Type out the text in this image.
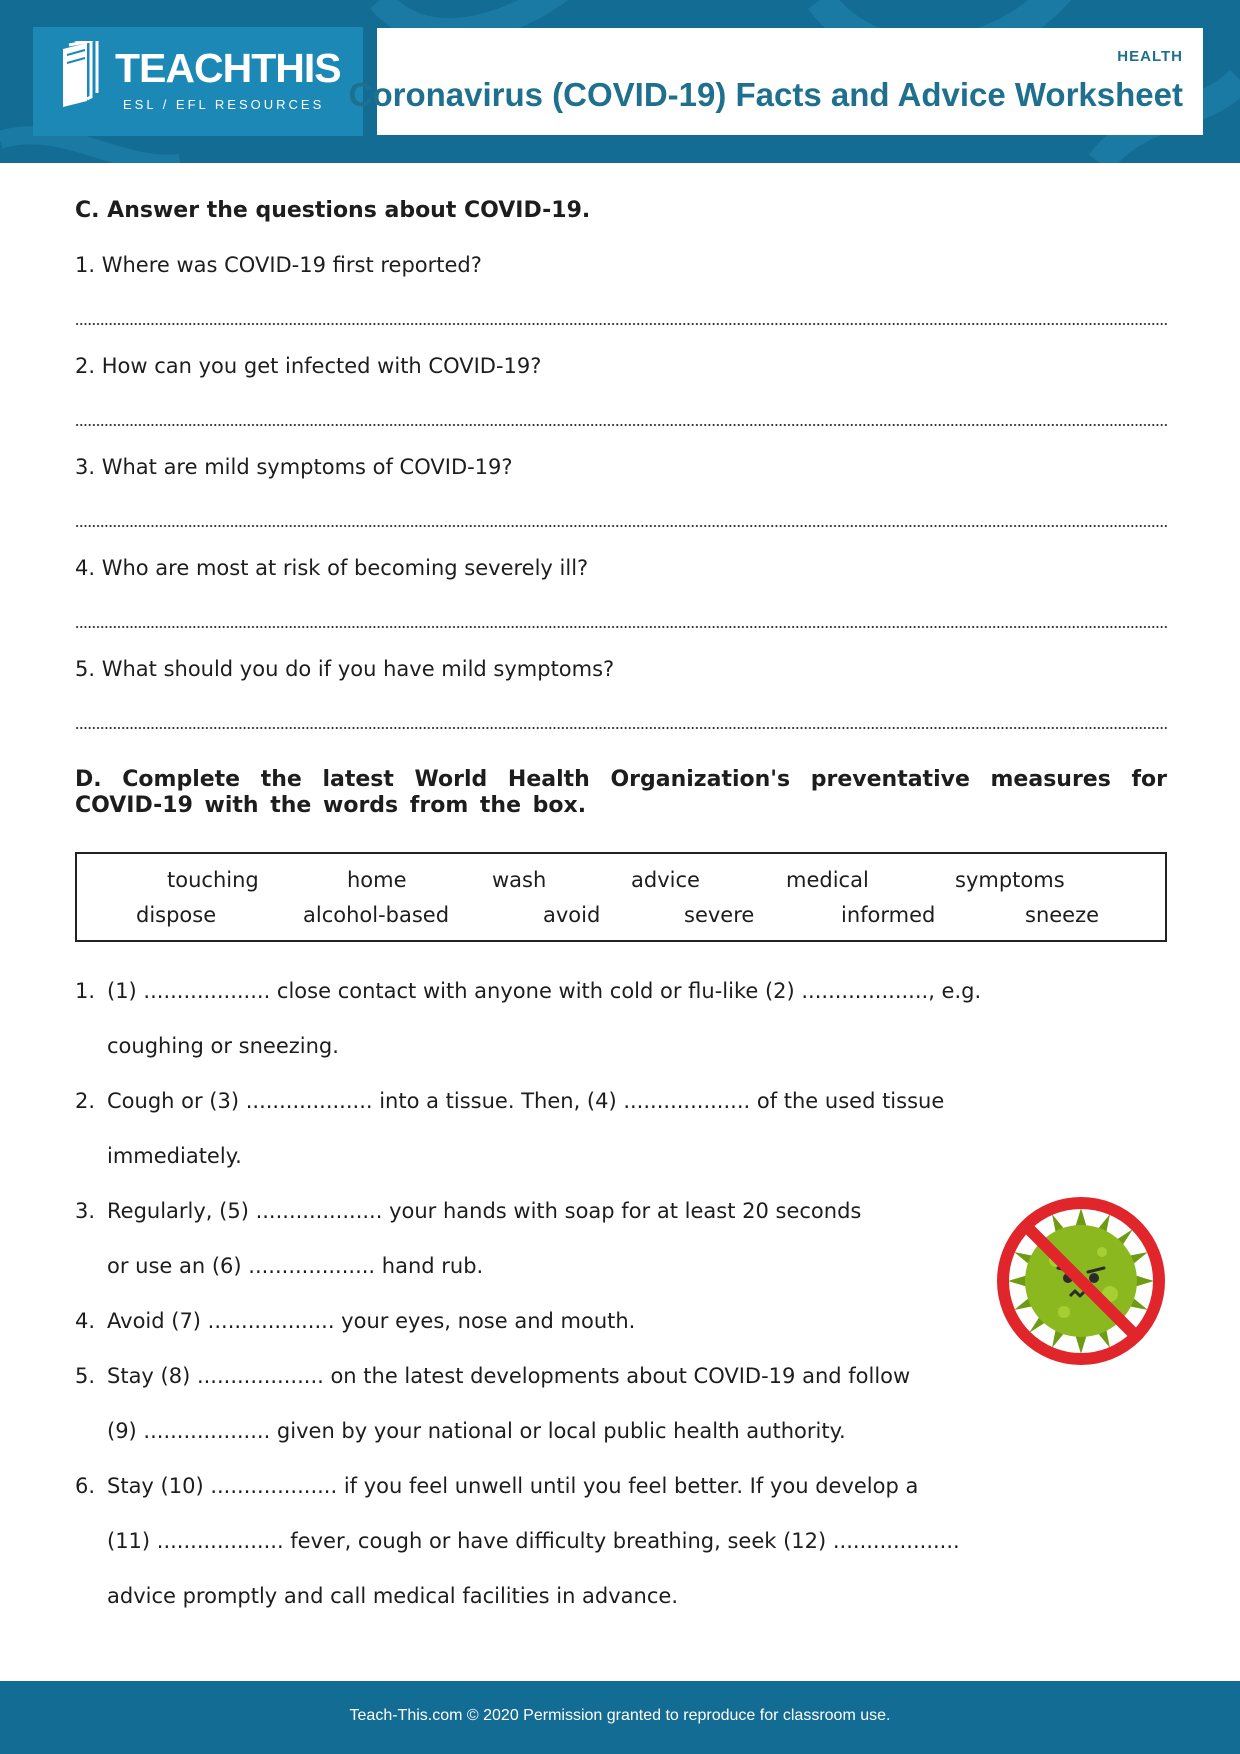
TEACHTHIS
ESL / EFL RESOURCES
HEALTH
Coronavirus (COVID-19) Facts and Advice Worksheet
C. Answer the questions about COVID-19.
1. Where was COVID-19 first reported?
2. How can you get infected with COVID-19?
3. What are mild symptoms of COVID-19?
4. Who are most at risk of becoming severely ill?
5. What should you do if you have mild symptoms?
D. Complete the latest World Health Organization's preventative measures for COVID-19 with the words from the box.
touching	home	wash	advice	medical	symptoms
dispose	alcohol-based	avoid	severe	informed	sneeze
1. (1) ................... close contact with anyone with cold or flu-like (2) ..................., e.g.
coughing or sneezing.
2. Cough or (3) ................... into a tissue. Then, (4) ................... of the used tissue
immediately.
3. Regularly, (5) ................... your hands with soap for at least 20 seconds
or use an (6) ................... hand rub.
4. Avoid (7) ................... your eyes, nose and mouth.
5. Stay (8) ................... on the latest developments about COVID-19 and follow
(9) ................... given by your national or local public health authority.
6. Stay (10) ................... if you feel unwell until you feel better. If you develop a
(11) ................... fever, cough or have difficulty breathing, seek (12) ...................
advice promptly and call medical facilities in advance.
Teach-This.com © 2020 Permission granted to reproduce for classroom use.
